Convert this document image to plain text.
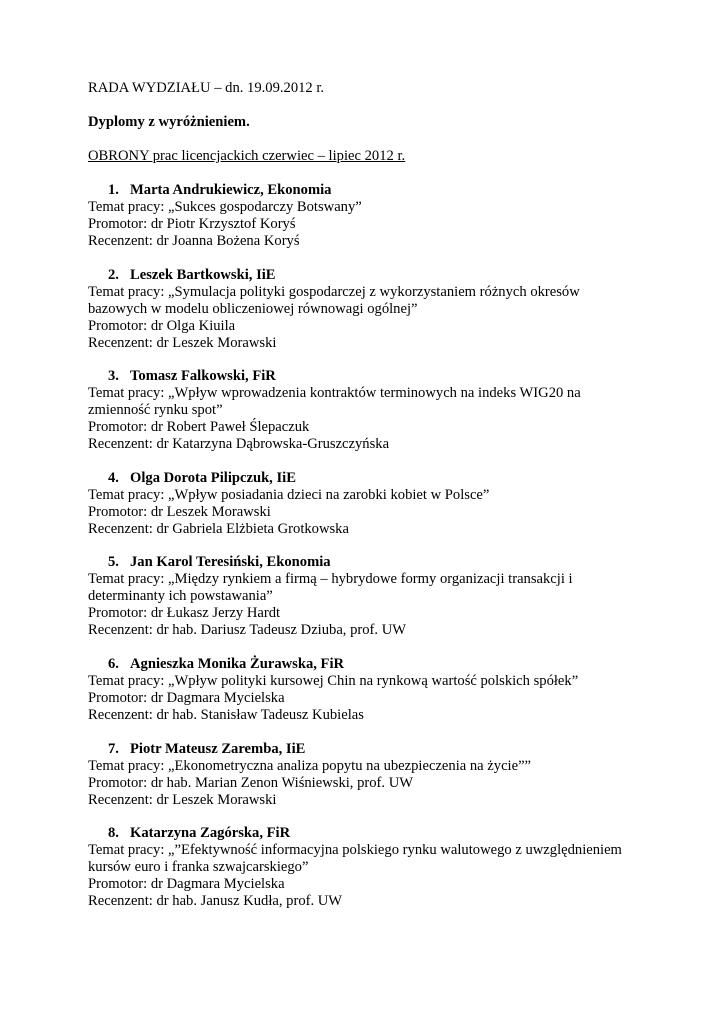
RADA WYDZIAŁU – dn. 19.09.2012 r.
Dyplomy z wyróżnieniem.
OBRONY prac licencjackich czerwiec – lipiec 2012 r.
1. Marta Andrukiewicz, Ekonomia
Temat pracy: „Sukces gospodarczy Botswany”
Promotor: dr Piotr Krzysztof Koryś
Recenzent: dr Joanna Bożena Koryś
2. Leszek Bartkowski, IiE
Temat pracy: „Symulacja polityki gospodarczej z wykorzystaniem różnych okresów
bazowych w modelu obliczeniowej równowagi ogólnej”
Promotor: dr Olga Kiuila
Recenzent: dr Leszek Morawski
3. Tomasz Falkowski, FiR
Temat pracy: „Wpływ wprowadzenia kontraktów terminowych na indeks WIG20 na
zmienność rynku spot”
Promotor: dr Robert Paweł Ślepaczuk
Recenzent: dr Katarzyna Dąbrowska-Gruszczyńska
4. Olga Dorota Pilipczuk, IiE
Temat pracy: „Wpływ posiadania dzieci na zarobki kobiet w Polsce”
Promotor: dr Leszek Morawski
Recenzent: dr Gabriela Elżbieta Grotkowska
5. Jan Karol Teresiński, Ekonomia
Temat pracy: „Między rynkiem a firmą – hybrydowe formy organizacji transakcji i
determinanty ich powstawania”
Promotor: dr Łukasz Jerzy Hardt
Recenzent: dr hab. Dariusz Tadeusz Dziuba, prof. UW
6. Agnieszka Monika Żurawska, FiR
Temat pracy: „Wpływ polityki kursowej Chin na rynkową wartość polskich spółek”
Promotor: dr Dagmara Mycielska
Recenzent: dr hab. Stanisław Tadeusz Kubielas
7. Piotr Mateusz Zaremba, IiE
Temat pracy: „Ekonometryczna analiza popytu na ubezpieczenia na życie””
Promotor: dr hab. Marian Zenon Wiśniewski, prof. UW
Recenzent: dr Leszek Morawski
8. Katarzyna Zagórska, FiR
Temat pracy: „”Efektywność informacyjna polskiego rynku walutowego z uwzględnieniem
kursów euro i franka szwajcarskiego”
Promotor: dr Dagmara Mycielska
Recenzent: dr hab. Janusz Kudła, prof. UW
